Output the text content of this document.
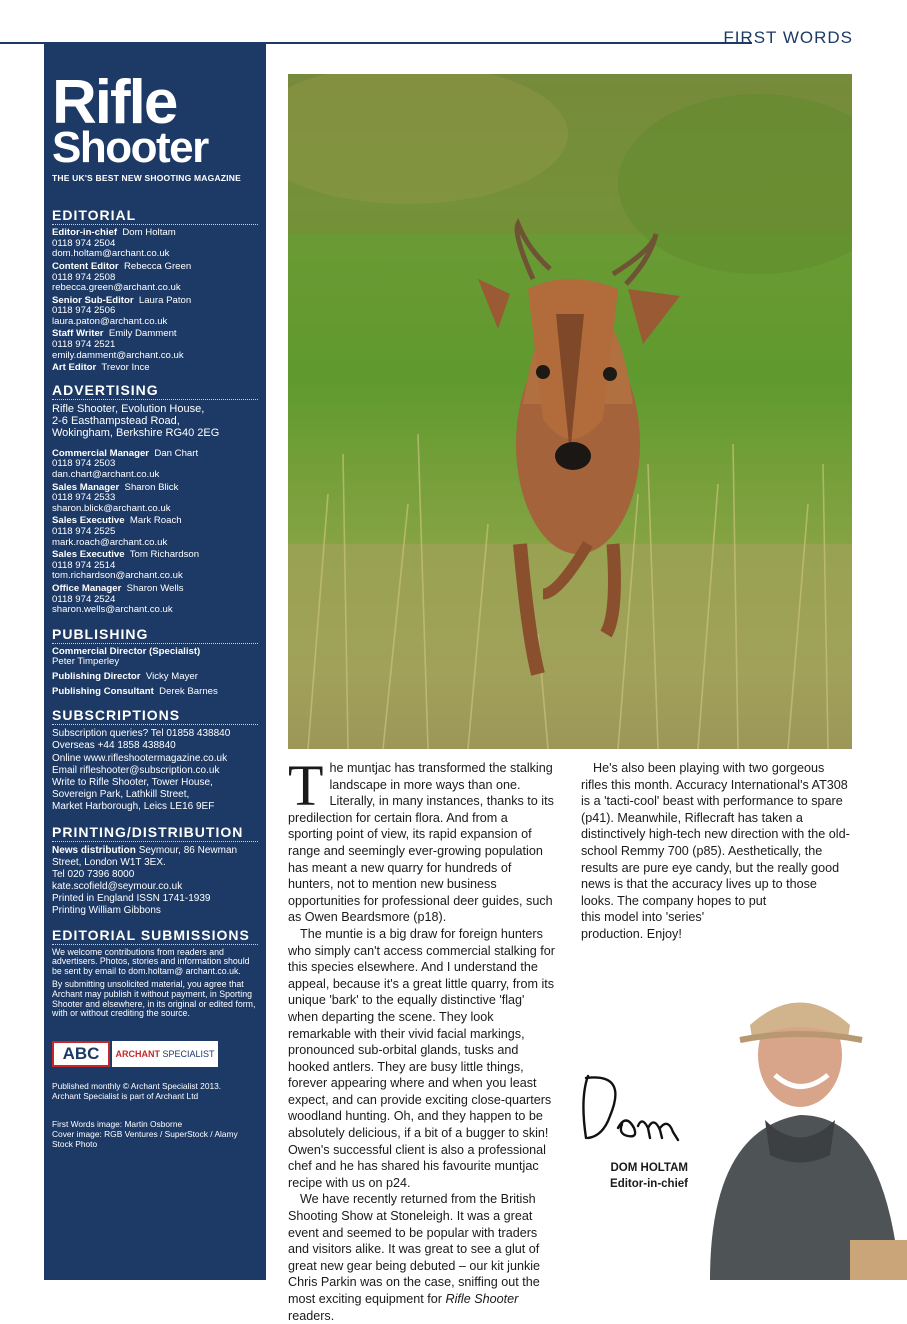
FIRST WORDS
Rifle
Shooter
THE UK'S BEST NEW SHOOTING MAGAZINE
EDITORIAL
Editor-in-chief Dom Holtam
0118 974 2504
dom.holtam@archant.co.uk
Content Editor Rebecca Green
0118 974 2508
rebecca.green@archant.co.uk
Senior Sub-Editor Laura Paton
0118 974 2506
laura.paton@archant.co.uk
Staff Writer Emily Damment
0118 974 2521
emily.damment@archant.co.uk
Art Editor Trevor Ince
ADVERTISING
Rifle Shooter, Evolution House,
2-6 Easthampstead Road,
Wokingham, Berkshire RG40 2EG
Commercial Manager Dan Chart
0118 974 2503
dan.chart@archant.co.uk
Sales Manager Sharon Blick
0118 974 2533
sharon.blick@archant.co.uk
Sales Executive Mark Roach
0118 974 2525
mark.roach@archant.co.uk
Sales Executive Tom Richardson
0118 974 2514
tom.richardson@archant.co.uk
Office Manager Sharon Wells
0118 974 2524
sharon.wells@archant.co.uk
PUBLISHING
Commercial Director (Specialist)
Peter Timperley
Publishing Director Vicky Mayer
Publishing Consultant Derek Barnes
SUBSCRIPTIONS
Subscription queries? Tel 01858 438840
Overseas +44 1858 438840
Online www.rifleshootermagazine.co.uk
Email rifleshooter@subscription.co.uk
Write to Rifle Shooter, Tower House,
Sovereign Park, Lathkill Street,
Market Harborough, Leics LE16 9EF
PRINTING/DISTRIBUTION
News distribution Seymour, 86 Newman
Street, London W1T 3EX.
Tel 020 7396 8000
kate.scofield@seymour.co.uk
Printed in England ISSN 1741-1939
Printing William Gibbons
EDITORIAL SUBMISSIONS
We welcome contributions from readers and advertisers. Photos, stories and information should be sent by email to dom.holtam@ archant.co.uk.
By submitting unsolicited material, you agree that Archant may publish it without payment, in Sporting Shooter and elsewhere, in its original or edited form, with or without crediting the source.
ABC	ARCHANT
SPECIALIST
Published monthly © Archant Specialist 2013.
Archant Specialist is part of Archant Ltd
First Words image: Martin Osborne
Cover image: RGB Ventures / SuperStock / Alamy
Stock Photo

The muntjac has transformed the stalking landscape in more ways than one. Literally, in many instances, thanks to its predilection for certain flora. And from a sporting point of view, its rapid expansion of range and seemingly ever-growing population has meant a new quarry for hundreds of hunters, not to mention new business opportunities for professional deer guides, such as Owen Beardsmore (p18).

The muntie is a big draw for foreign hunters who simply can't access commercial stalking for this species elsewhere. And I understand the appeal, because it's a great little quarry, from its unique 'bark' to the equally distinctive 'flag' when departing the scene. They look remarkable with their vivid facial markings, pronounced sub-orbital glands, tusks and hooked antlers. They are busy little things, forever appearing where and when you least expect, and can provide exciting close-quarters woodland hunting. Oh, and they happen to be absolutely delicious, if a bit of a bugger to skin! Owen's successful client is also a professional chef and he has shared his favourite muntjac recipe with us on p24.

We have recently returned from the British Shooting Show at Stoneleigh. It was a great event and seemed to be popular with traders and visitors alike. It was great to see a glut of great new gear being debuted – our kit junkie Chris Parkin was on the case, sniffing out the most exciting equipment for Rifle Shooter readers.

He's also been playing with two gorgeous rifles this month. Accuracy International's AT308 is a 'tacti-cool' beast with performance to spare (p41). Meanwhile, Riflecraft has taken a distinctively high-tech new direction with the old-school Remmy 700 (p85). Aesthetically, the results are pure eye candy, but the really good news is that the accuracy lives up to those looks. The company hopes to put

this model into 'series'

production. Enjoy!

DOM HOLTAM
Editor-in-chief
